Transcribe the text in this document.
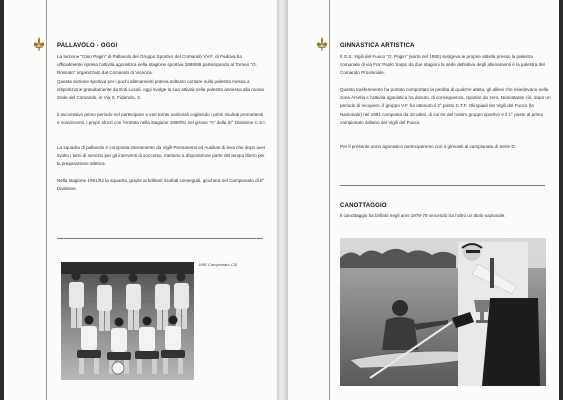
PALLAVOLO - OGGI

La sezione "Gino Pagin" di Pallavolo del Gruppo Sportivo del Comando VV.F. di Padova ha ufficialmente ripreso l'attività agonistica nella stagione sportiva 1988/89 partecipando al Torneo "G. Rossato" organizzato dal Comando di Vicenza.

Questa sezione sportiva per i pochi allenamenti poteva soltanto contare sulla palestra messa a disposizione gratuitamente da Enti Locali, oggi svolge la sua attività nella palestra annessa alla nuova Sede del Comando, in Via S. Fidenzio, 3.

Il successivo primo periodo nel partecipare a vari tornei nazionali cogliendo i primi risultati promettenti e convincenti, i propri sforzi con l'entrata nella stagione 1990/91 nel girone "A" della III° Divisione C.S.I.

La squadra di pallavolo è composta interamente da Vigili Permanenti ed Ausiliari di leva che dopo aver svolto i turni di servizio per gli interventi di soccorso, mettono a disposizione parte del tempo libero per la preparazione atletica.

Nella stagione 1991/92 la squadra, grazie ai brillanti risultati conseguiti, giocherà nel Campionato di II° Divisione.

1992 Campionato CSI
GINNASTICA ARTISTICA

Il G.S. Vigili del Fuoco "G. Pagin" (sorto nel 1950) svolgeva le proprie attività presso la palestra comunale di via Fra' Paolo Sarpi; da due stagioni la sede definitiva degli allenamenti è la palestra del Comando Provinciale.

Questo trasferimento ha portato comportato la perdita di qualche atleta, gli allievi che risiedevano nella zona Arcella e l'attività agonistica ha dovuto, di conseguenza, ripartire da zero. Nonostante ciò, dopo un periodo di recupero, il gruppo V.F. ha ottenuto il 2° posto C.T.F. Olimpiadi dei Vigili del Fuoco (la Nazionale) nel 1991 composta da 10 atleti, di cui tre del nostro gruppo sportivo e il 1° posto al primo campionato italiano dei Vigili del Fuoco.

Per il presente anno agonistico parteciperemo con 4 ginnasti al campionato di Serie D.

CANOTTAGGIO

Il canottaggio ha brillato negli anni 1978-79 vincendo tra l'altro un titolo nazionale.
